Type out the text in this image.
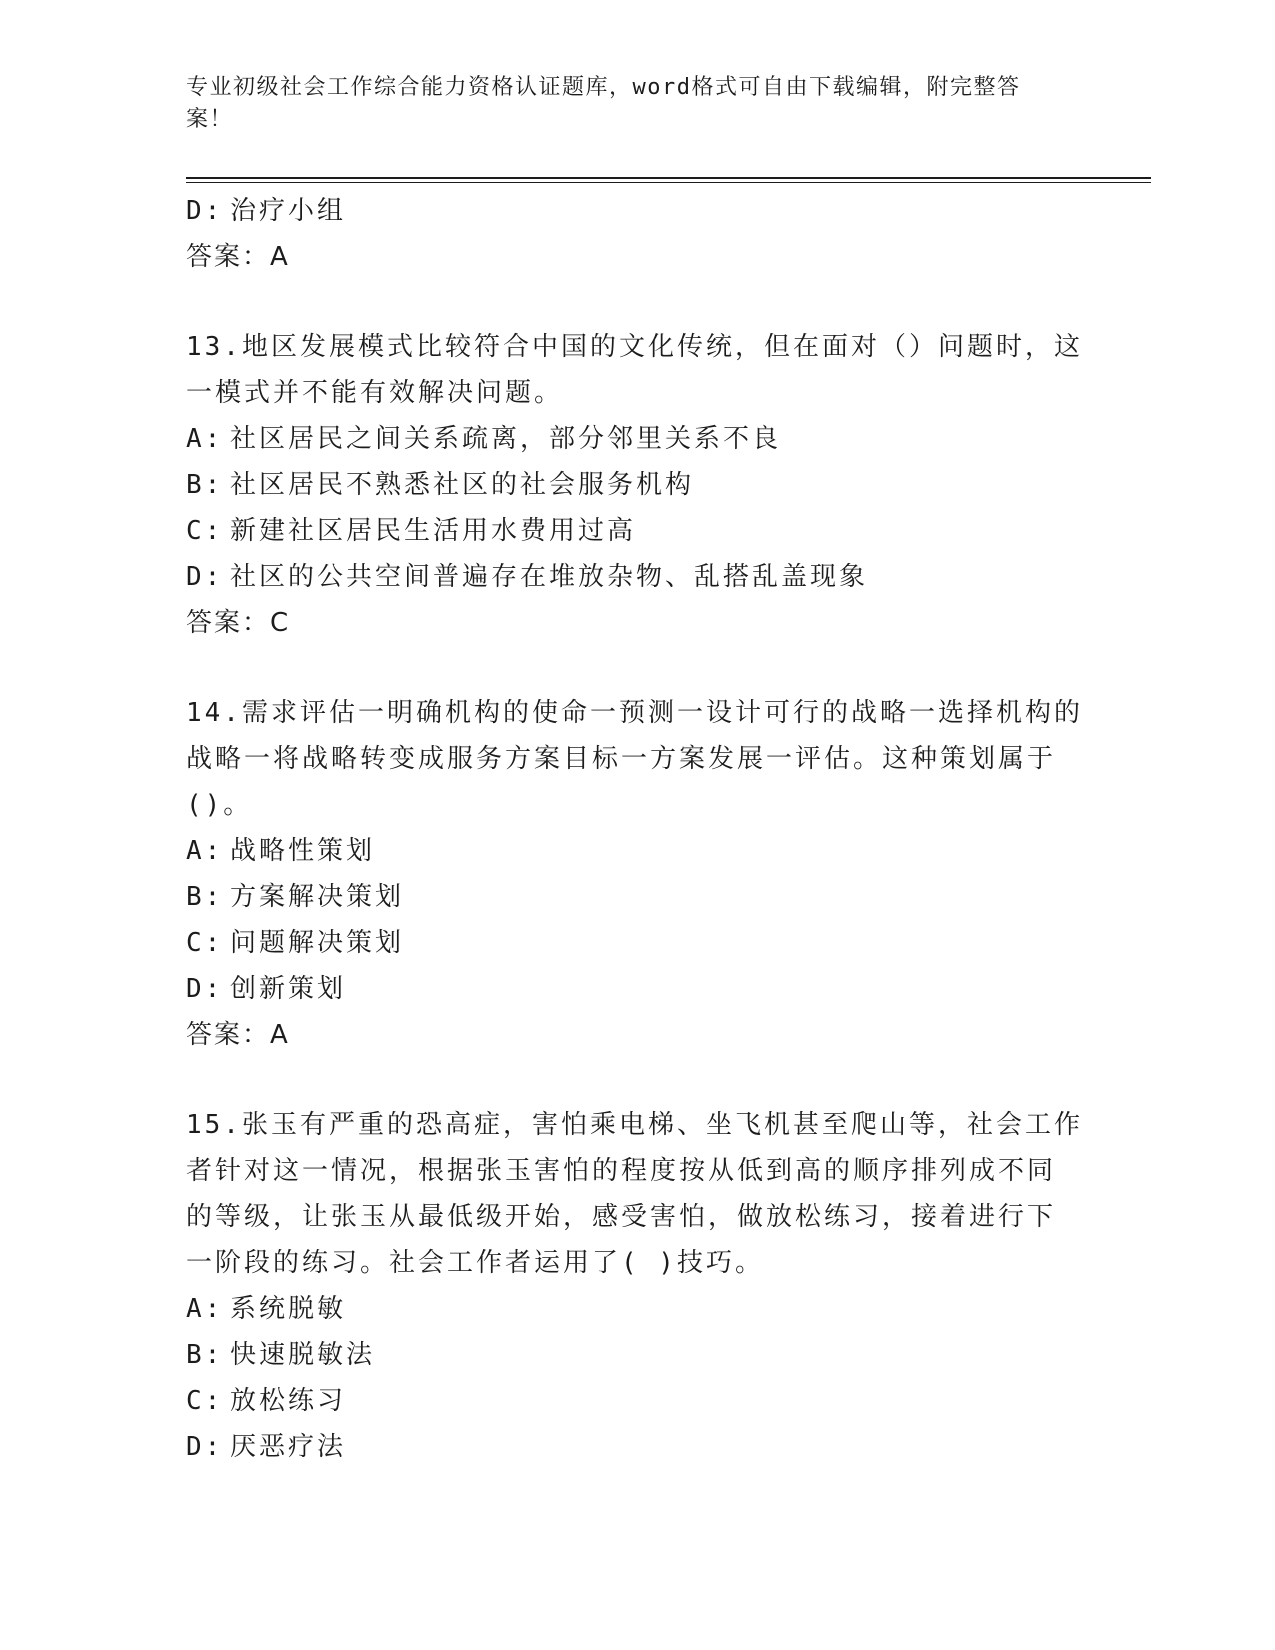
专业初级社会工作综合能力资格认证题库，word格式可自由下载编辑，附完整答案！
D: 治疗小组
答案：A
13.地区发展模式比较符合中国的文化传统，但在面对（）问题时，这
一模式并不能有效解决问题。
A: 社区居民之间关系疏离，部分邻里关系不良
B: 社区居民不熟悉社区的社会服务机构
C: 新建社区居民生活用水费用过高
D: 社区的公共空间普遍存在堆放杂物、乱搭乱盖现象
答案：C
14.需求评估一明确机构的使命一预测一设计可行的战略一选择机构的
战略一将战略转变成服务方案目标一方案发展一评估。这种策划属于
()。
A: 战略性策划
B: 方案解决策划
C: 问题解决策划
D: 创新策划
答案：A
15.张玉有严重的恐高症，害怕乘电梯、坐飞机甚至爬山等，社会工作
者针对这一情况，根据张玉害怕的程度按从低到高的顺序排列成不同
的等级，让张玉从最低级开始，感受害怕，做放松练习，接着进行下
一阶段的练习。社会工作者运用了( )技巧。
A: 系统脱敏
B: 快速脱敏法
C: 放松练习
D: 厌恶疗法
